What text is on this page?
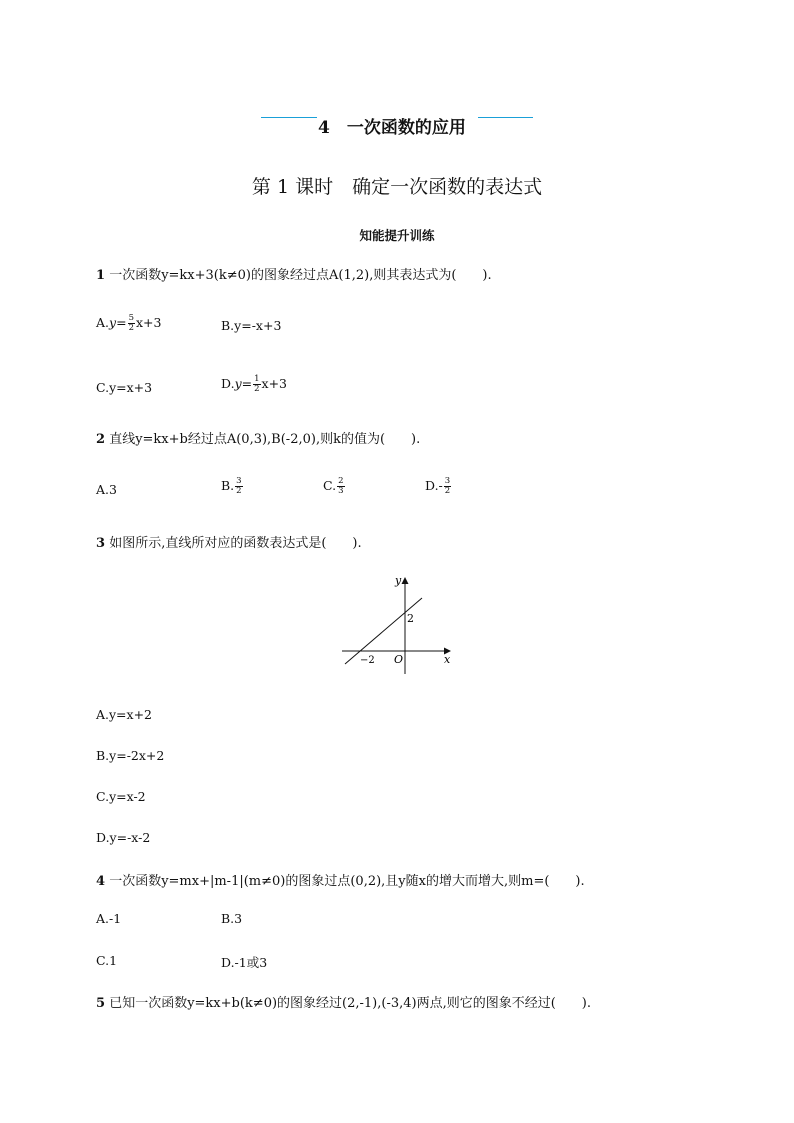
4　一次函数的应用
第 1 课时　确定一次函数的表达式
知能提升训练
1 一次函数y=kx+3(k≠0)的图象经过点A(1,2),则其表达式为(　　).
$A.y= \frac{5}{2} x+3$	B.y=-x+3
C.y=x+3	$D.y= \frac{1}{2} x+3$
2 直线y=kx+b经过点A(0,3),B(-2,0),则k的值为(　　).
A.3	B. $\frac{3}{2}$	C. $\frac{2}{3}$	$D.- \frac{3}{2}$
3 如图所示,直线所对应的函数表达式是(　　).
y
x
O
2
−2
A.y=x+2
B.y=-2x+2
C.y=x-2
D.y=-x-2
4 一次函数y=mx+|m-1|(m≠0)的图象过点(0,2),且y随x的增大而增大,则m=(　　).
A.-1	B.3
C.1	D.-1或3
5 已知一次函数y=kx+b(k≠0)的图象经过(2,-1),(-3,4)两点,则它的图象不经过(　　).
